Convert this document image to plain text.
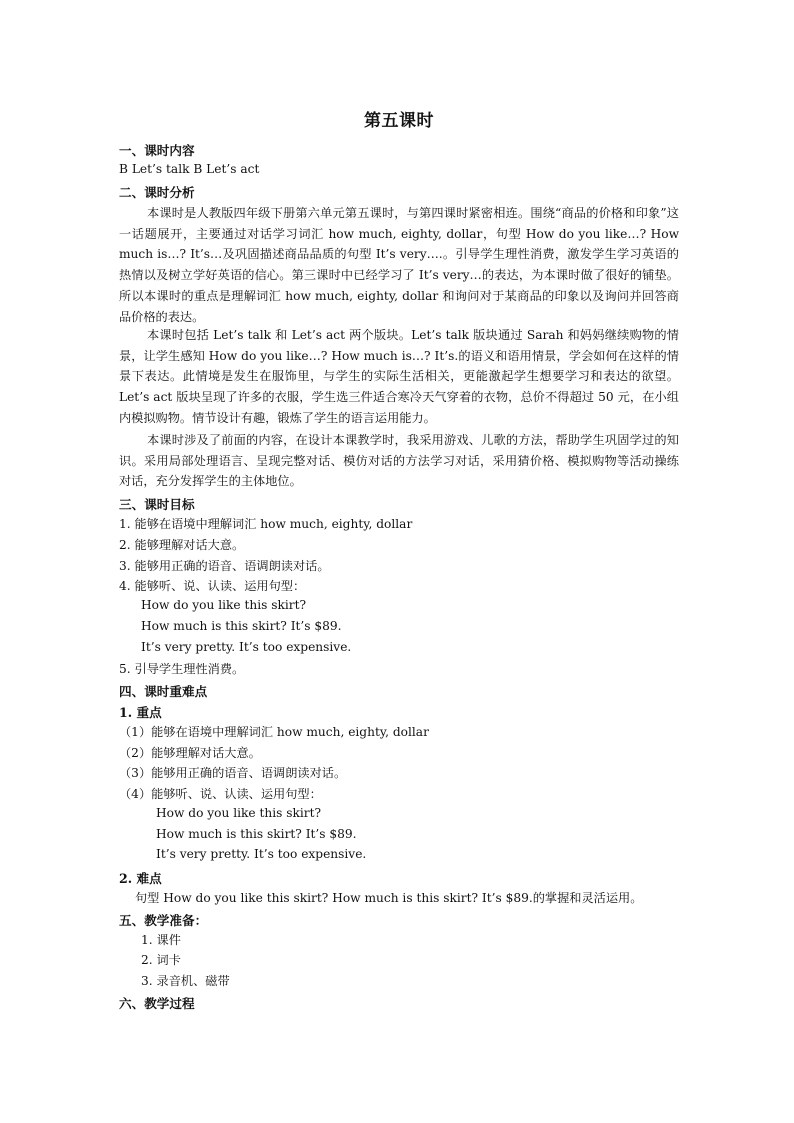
第五课时
一、课时内容
B Let’s talk B Let’s act
二、课时分析
本课时是人教版四年级下册第六单元第五课时，与第四课时紧密相连。围绕“商品的价格和印象”这一话题展开，主要通过对话学习词汇 how much, eighty, dollar，句型 How do you like…? How much is…? It’s…及巩固描述商品品质的句型 It’s very….。引导学生理性消费，激发学生学习英语的热情以及树立学好英语的信心。第三课时中已经学习了 It’s very…的表达，为本课时做了很好的铺垫。所以本课时的重点是理解词汇 how much, eighty, dollar 和询问对于某商品的印象以及询问并回答商品价格的表达。
本课时包括 Let’s talk 和 Let’s act 两个版块。Let’s talk 版块通过 Sarah 和妈妈继续购物的情景，让学生感知 How do you like…? How much is…? It’s.的语义和语用情景，学会如何在这样的情景下表达。此情境是发生在服饰里，与学生的实际生活相关，更能激起学生想要学习和表达的欲望。Let’s act 版块呈现了许多的衣服，学生选三件适合寒冷天气穿着的衣物，总价不得超过 50 元，在小组内模拟购物。情节设计有趣，锻炼了学生的语言运用能力。
本课时涉及了前面的内容，在设计本课教学时，我采用游戏、儿歌的方法，帮助学生巩固学过的知识。采用局部处理语言、呈现完整对话、模仿对话的方法学习对话，采用猜价格、模拟购物等活动操练对话，充分发挥学生的主体地位。
三、课时目标
1. 能够在语境中理解词汇 how much, eighty, dollar
2. 能够理解对话大意。
3. 能够用正确的语音、语调朗读对话。
4. 能够听、说、认读、运用句型：
How do you like this skirt?
How much is this skirt? It’s $89.
It’s very pretty. It’s too expensive.
5. 引导学生理性消费。
四、课时重难点
1. 重点
（1）能够在语境中理解词汇 how much, eighty, dollar
（2）能够理解对话大意。
（3）能够用正确的语音、语调朗读对话。
（4）能够听、说、认读、运用句型：
How do you like this skirt?
How much is this skirt? It’s $89.
It’s very pretty. It’s too expensive.
2. 难点
句型 How do you like this skirt? How much is this skirt? It’s $89.的掌握和灵活运用。
五、教学准备：
1. 课件
2. 词卡
3. 录音机、磁带
六、教学过程
